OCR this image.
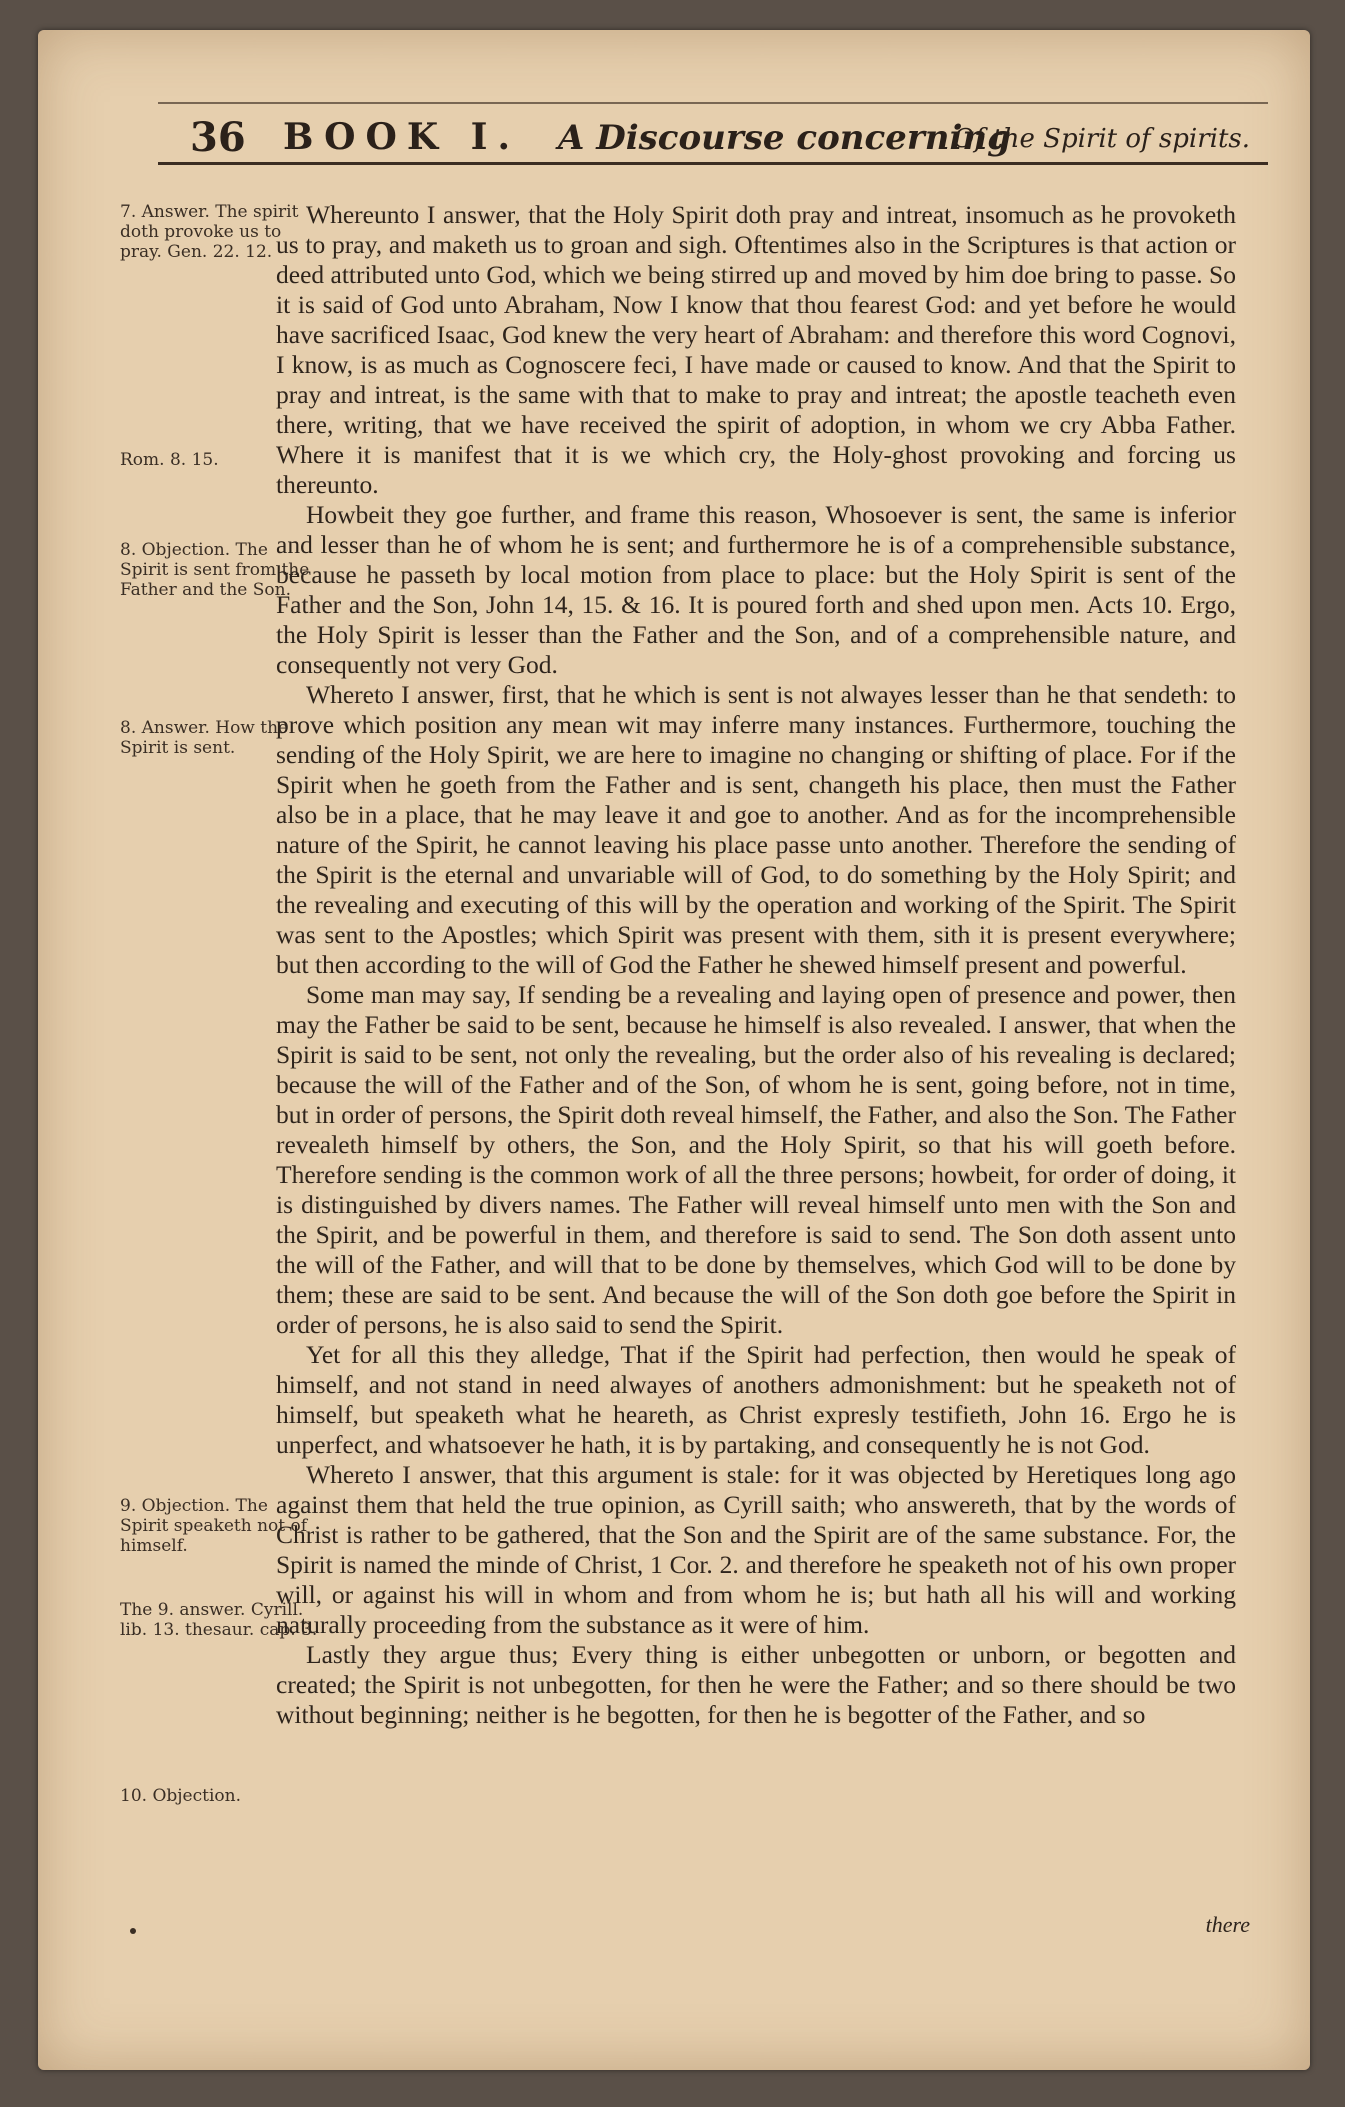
36 BOOK I. A Discourse concerning
Of the Spirit of spirits.
7. Answer. The spirit doth provoke us to pray. Gen. 22. 12.
Rom. 8. 15.
8. Objection. The Spirit is sent from the Father and the Son.
8. Answer. How the Spirit is sent.
9. Objection. The Spirit speaketh not of himself.
The 9. answer. Cyrill. lib. 13. thesaur. cap. 3.
10. Objection.

Whereunto I answer, that the Holy Spirit doth pray and intreat, insomuch as he provoketh us to pray, and maketh us to groan and sigh. Oftentimes also in the Scriptures is that action or deed attributed unto God, which we being stirred up and moved by him doe bring to passe. So it is said of God unto Abraham, Now I know that thou fearest God: and yet before he would have sacrificed Isaac, God knew the very heart of Abraham: and therefore this word Cognovi, I know, is as much as Cognoscere feci, I have made or caused to know. And that the Spirit to pray and intreat, is the same with that to make to pray and intreat; the apostle teacheth even there, writing, that we have received the spirit of adoption, in whom we cry Abba Father. Where it is manifest that it is we which cry, the Holy-ghost provoking and forcing us thereunto.

Howbeit they goe further, and frame this reason, Whosoever is sent, the same is inferior and lesser than he of whom he is sent; and furthermore he is of a comprehensible substance, because he passeth by local motion from place to place: but the Holy Spirit is sent of the Father and the Son, John 14, 15. & 16. It is poured forth and shed upon men. Acts 10. Ergo, the Holy Spirit is lesser than the Father and the Son, and of a comprehensible nature, and consequently not very God.

Whereto I answer, first, that he which is sent is not alwayes lesser than he that sendeth: to prove which position any mean wit may inferre many instances. Furthermore, touching the sending of the Holy Spirit, we are here to imagine no changing or shifting of place. For if the Spirit when he goeth from the Father and is sent, changeth his place, then must the Father also be in a place, that he may leave it and goe to another. And as for the incomprehensible nature of the Spirit, he cannot leaving his place passe unto another. Therefore the sending of the Spirit is the eternal and unvariable will of God, to do something by the Holy Spirit; and the revealing and executing of this will by the operation and working of the Spirit. The Spirit was sent to the Apostles; which Spirit was present with them, sith it is present everywhere; but then according to the will of God the Father he shewed himself present and powerful.

Some man may say, If sending be a revealing and laying open of presence and power, then may the Father be said to be sent, because he himself is also revealed. I answer, that when the Spirit is said to be sent, not only the revealing, but the order also of his revealing is declared; because the will of the Father and of the Son, of whom he is sent, going before, not in time, but in order of persons, the Spirit doth reveal himself, the Father, and also the Son. The Father revealeth himself by others, the Son, and the Holy Spirit, so that his will goeth before. Therefore sending is the common work of all the three persons; howbeit, for order of doing, it is distinguished by divers names. The Father will reveal himself unto men with the Son and the Spirit, and be powerful in them, and therefore is said to send. The Son doth assent unto the will of the Father, and will that to be done by themselves, which God will to be done by them; these are said to be sent. And because the will of the Son doth goe before the Spirit in order of persons, he is also said to send the Spirit.

Yet for all this they alledge, That if the Spirit had perfection, then would he speak of himself, and not stand in need alwayes of anothers admonishment: but he speaketh not of himself, but speaketh what he heareth, as Christ expresly testifieth, John 16. Ergo he is unperfect, and whatsoever he hath, it is by partaking, and consequently he is not God.

Whereto I answer, that this argument is stale: for it was objected by Heretiques long ago against them that held the true opinion, as Cyrill saith; who answereth, that by the words of Christ is rather to be gathered, that the Son and the Spirit are of the same substance. For, the Spirit is named the minde of Christ, 1 Cor. 2. and therefore he speaketh not of his own proper will, or against his will in whom and from whom he is; but hath all his will and working naturally proceeding from the substance as it were of him.

Lastly they argue thus; Every thing is either unbegotten or unborn, or begotten and created; the Spirit is not unbegotten, for then he were the Father; and so there should be two without beginning; neither is he begotten, for then he is begotter of the Father, and so

there
